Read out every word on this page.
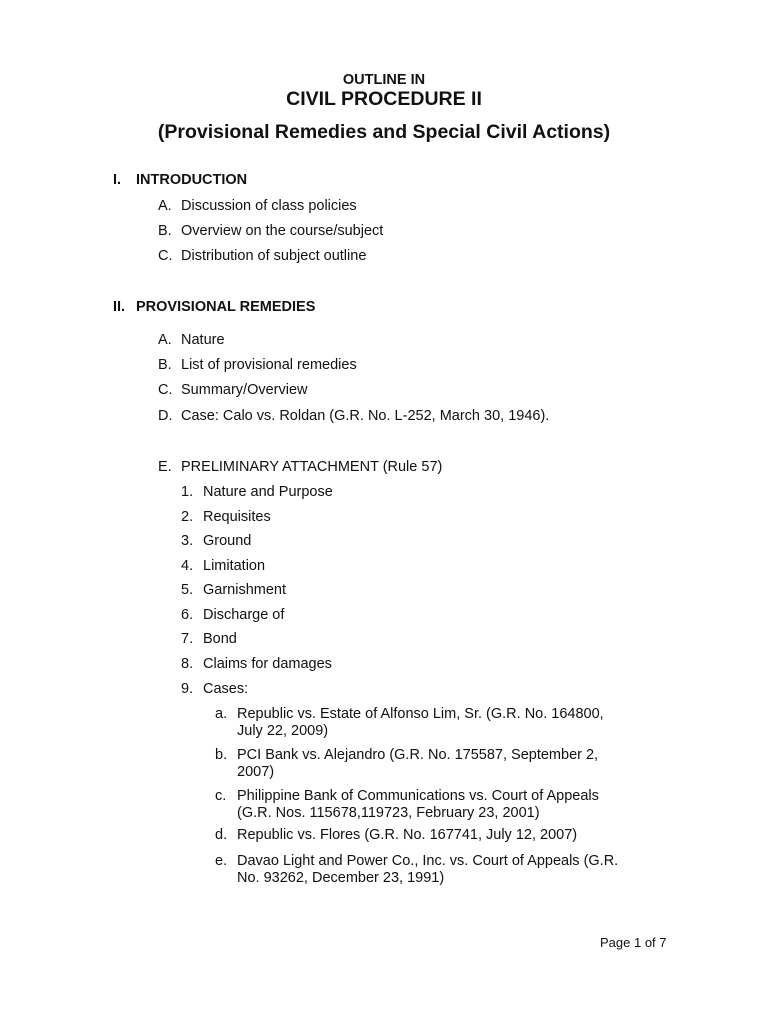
OUTLINE IN
CIVIL PROCEDURE II
(Provisional Remedies and Special Civil Actions)
I. INTRODUCTION
A. Discussion of class policies
B. Overview on the course/subject
C. Distribution of subject outline
II. PROVISIONAL REMEDIES
A. Nature
B. List of provisional remedies
C. Summary/Overview
D. Case: Calo vs. Roldan (G.R. No. L-252, March 30, 1946).
E. PRELIMINARY ATTACHMENT (Rule 57)
1. Nature and Purpose
2. Requisites
3. Ground
4. Limitation
5. Garnishment
6. Discharge of
7. Bond
8. Claims for damages
9. Cases:
a. Republic vs. Estate of Alfonso Lim, Sr. (G.R. No. 164800,
July 22, 2009)
b. PCI Bank vs. Alejandro (G.R. No. 175587, September 2,
2007)
c. Philippine Bank of Communications vs. Court of Appeals
(G.R. Nos. 115678,119723, February 23, 2001)
d. Republic vs. Flores (G.R. No. 167741, July 12, 2007)
e. Davao Light and Power Co., Inc. vs. Court of Appeals (G.R.
No. 93262, December 23, 1991)
Page 1 of 7
